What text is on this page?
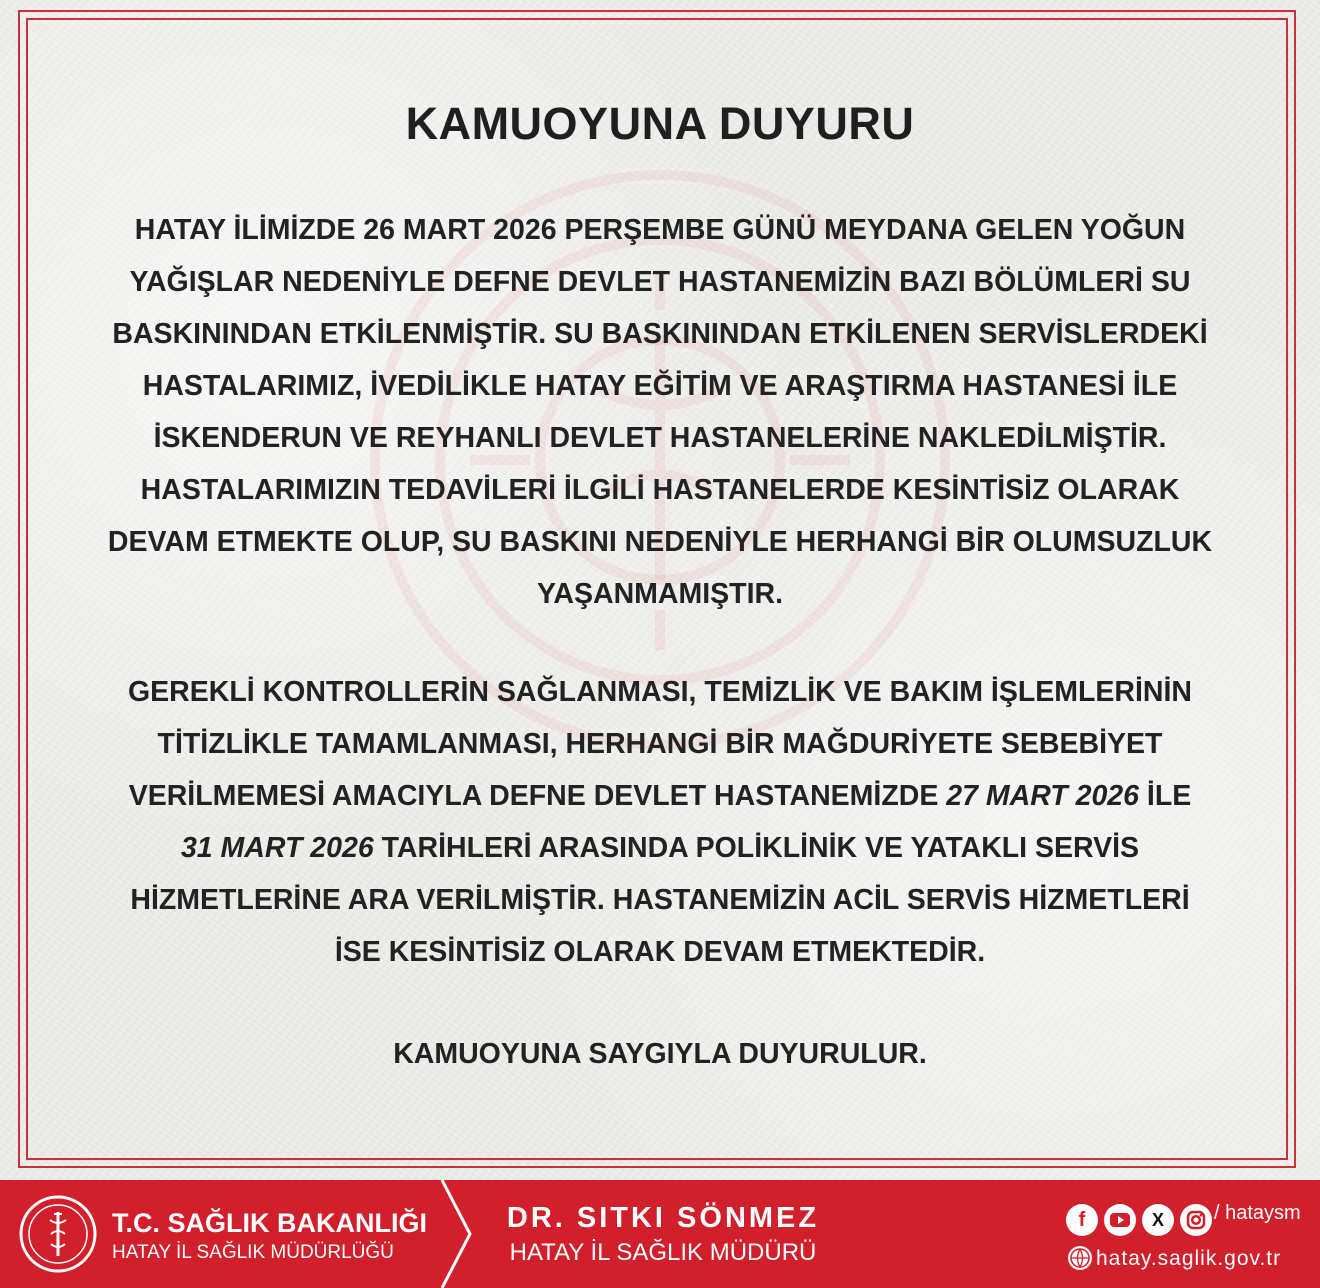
KAMUOYUNA DUYURU

HATAY İLİMİZDE 26 MART 2026 PERŞEMBE GÜNÜ MEYDANA GELEN YOĞUN
YAĞIŞLAR NEDENİYLE DEFNE DEVLET HASTANEMİZİN BAZI BÖLÜMLERİ SU
BASKININDAN ETKİLENMİŞTİR. SU BASKININDAN ETKİLENEN SERVİSLERDEKİ
HASTALARIMIZ, İVEDİLİKLE HATAY EĞİTİM VE ARAŞTIRMA HASTANESİ İLE
İSKENDERUN VE REYHANLI DEVLET HASTANELERİNE NAKLEDİLMİŞTİR.
HASTALARIMIZIN TEDAVİLERİ İLGİLİ HASTANELERDE KESİNTİSİZ OLARAK
DEVAM ETMEKTE OLUP, SU BASKINI NEDENİYLE HERHANGİ BİR OLUMSUZLUK
YAŞANMAMIŞTIR.

GEREKLİ KONTROLLERİN SAĞLANMASI, TEMİZLİK VE BAKIM İŞLEMLERİNİN
TİTİZLİKLE TAMAMLANMASI, HERHANGİ BİR MAĞDURİYETE SEBEBİYET
VERİLMEMESİ AMACIYLA DEFNE DEVLET HASTANEMİZDE 27 MART 2026 İLE
31 MART 2026 TARİHLERİ ARASINDA POLİKLİNİK VE YATAKLI SERVİS
HİZMETLERİNE ARA VERİLMİŞTİR. HASTANEMİZİN ACİL SERVİS HİZMETLERİ
İSE KESİNTİSİZ OLARAK DEVAM ETMEKTEDİR.

KAMUOYUNA SAYGIYLA DUYURULUR.

T.C. SAĞLIK BAKANLIĞI
HATAY İL SAĞLIK MÜDÜRLÜĞÜ
DR. SITKI SÖNMEZ
HATAY İL SAĞLIK MÜDÜRÜ
f	X	/ hataysm
hatay.saglik.gov.tr
